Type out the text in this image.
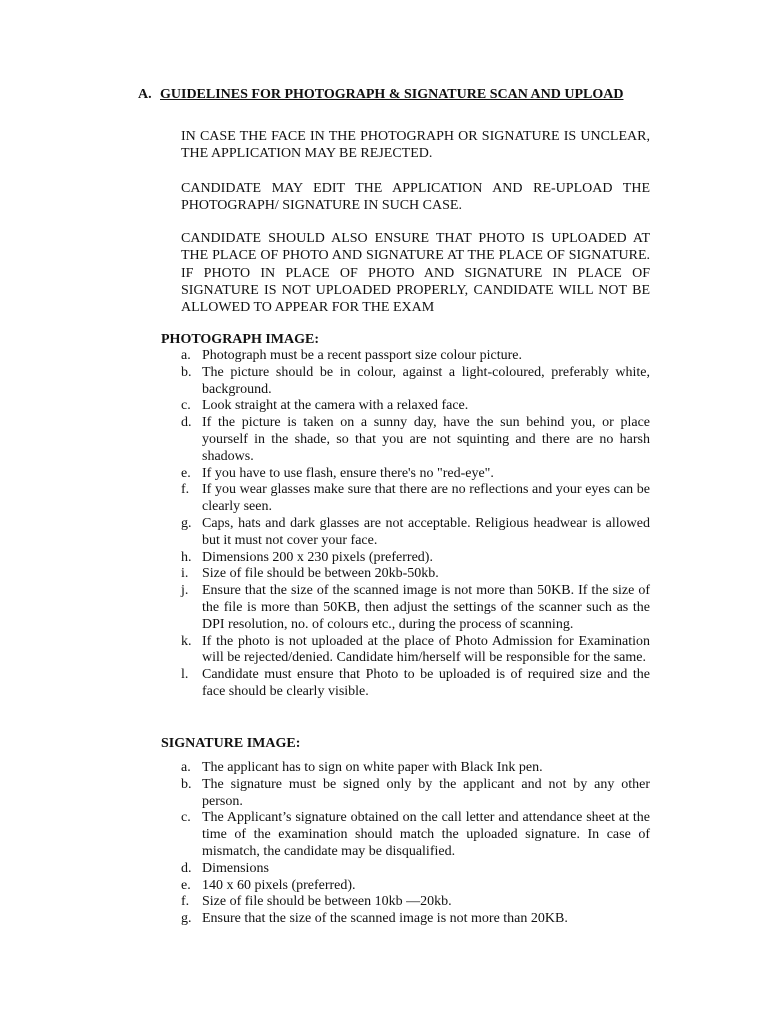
A. GUIDELINES FOR PHOTOGRAPH & SIGNATURE SCAN AND UPLOAD
IN CASE THE FACE IN THE PHOTOGRAPH OR SIGNATURE IS UNCLEAR, THE APPLICATION MAY BE REJECTED.
CANDIDATE MAY EDIT THE APPLICATION AND RE-UPLOAD THE PHOTOGRAPH/ SIGNATURE IN SUCH CASE.
CANDIDATE SHOULD ALSO ENSURE THAT PHOTO IS UPLOADED AT THE PLACE OF PHOTO AND SIGNATURE AT THE PLACE OF SIGNATURE. IF PHOTO IN PLACE OF PHOTO AND SIGNATURE IN PLACE OF SIGNATURE IS NOT UPLOADED PROPERLY, CANDIDATE WILL NOT BE ALLOWED TO APPEAR FOR THE EXAM
PHOTOGRAPH IMAGE:
a. Photograph must be a recent passport size colour picture.
b. The picture should be in colour, against a light-coloured, preferably white, background.
c. Look straight at the camera with a relaxed face.
d. If the picture is taken on a sunny day, have the sun behind you, or place yourself in the shade, so that you are not squinting and there are no harsh shadows.
e. If you have to use flash, ensure there's no "red-eye".
f. If you wear glasses make sure that there are no reflections and your eyes can be clearly seen.
g. Caps, hats and dark glasses are not acceptable. Religious headwear is allowed but it must not cover your face.
h. Dimensions 200 x 230 pixels (preferred).
i. Size of file should be between 20kb-50kb.
j. Ensure that the size of the scanned image is not more than 50KB. If the size of the file is more than 50KB, then adjust the settings of the scanner such as the DPI resolution, no. of colours etc., during the process of scanning.
k. If the photo is not uploaded at the place of Photo Admission for Examination will be rejected/denied. Candidate him/herself will be responsible for the same.
l. Candidate must ensure that Photo to be uploaded is of required size and the face should be clearly visible.
SIGNATURE IMAGE:
a. The applicant has to sign on white paper with Black Ink pen.
b. The signature must be signed only by the applicant and not by any other person.
c. The Applicant’s signature obtained on the call letter and attendance sheet at the time of the examination should match the uploaded signature. In case of mismatch, the candidate may be disqualified.
d. Dimensions
e. 140 x 60 pixels (preferred).
f. Size of file should be between 10kb —20kb.
g. Ensure that the size of the scanned image is not more than 20KB.
